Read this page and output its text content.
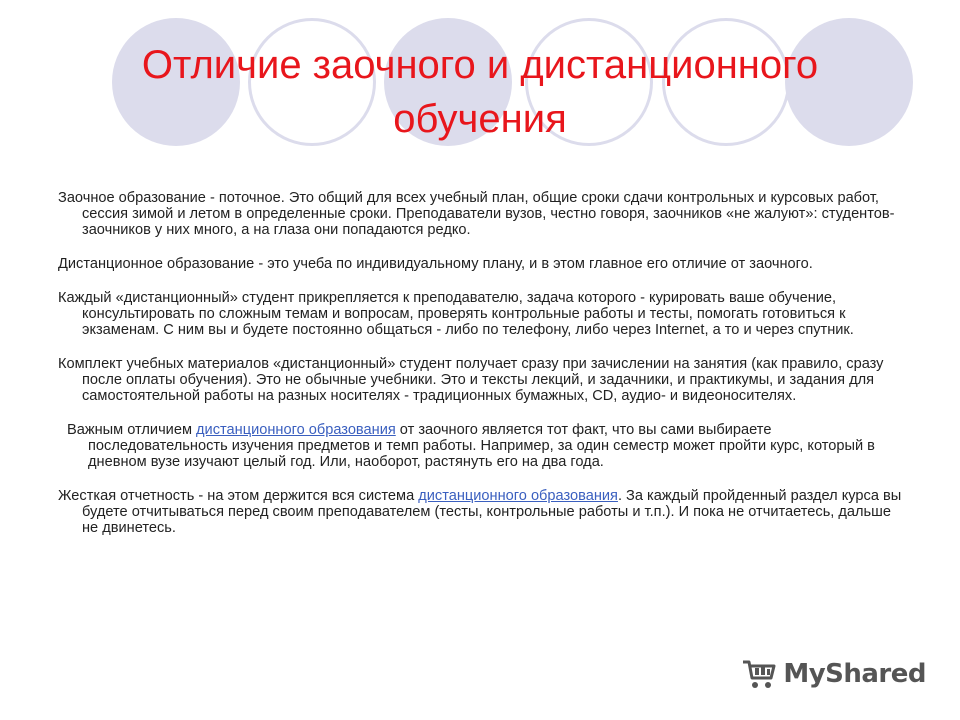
Отличие заочного и дистанционного
обучения

Заочное образование - поточное. Это общий для всех учебный план, общие сроки сдачи контрольных и курсовых работ, сессия зимой и летом в определенные сроки. Преподаватели вузов, честно говоря, заочников «не жалуют»: студентов-заочников у них много, а на глаза они попадаются редко.

Дистанционное образование - это учеба по индивидуальному плану, и в этом главное его отличие от заочного.

Каждый «дистанционный» студент прикрепляется к преподавателю, задача которого - курировать ваше обучение, консультировать по сложным темам и вопросам, проверять контрольные работы и тесты, помогать готовиться к экзаменам. С ним вы и будете постоянно общаться - либо по телефону, либо через Internet, а то и через спутник.

Комплект учебных материалов «дистанционный» студент получает сразу при зачислении на занятия (как правило, сразу после оплаты обучения). Это не обычные учебники. Это и тексты лекций, и задачники, и практикумы, и задания для самостоятельной работы на разных носителях - традиционных бумажных, CD, аудио- и видеоносителях.

Важным отличием дистанционного образования от заочного является тот факт, что вы сами выбираете последовательность изучения предметов и темп работы. Например, за один семестр может пройти курс, который в дневном вузе изучают целый год. Или, наоборот, растянуть его на два года.

Жесткая отчетность - на этом держится вся система дистанционного образования. За каждый пройденный раздел курса вы будете отчитываться перед своим преподавателем (тесты, контрольные работы и т.п.). И пока не отчитаетесь, дальше не двинетесь.

MyShared
